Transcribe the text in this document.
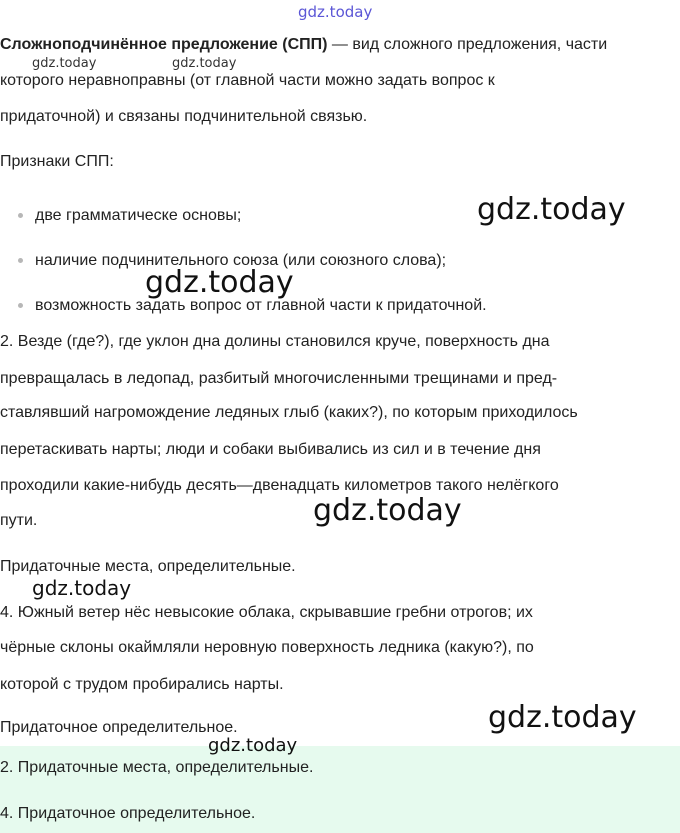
Сложноподчинённое предложение (СПП) — вид сложного предложения, части
которого неравноправны (от главной части можно задать вопрос к
придаточной) и связаны подчинительной связью.
Признаки СПП:
две грамматическе основы;
наличие подчинительного союза (или союзного слова);
возможность задать вопрос от главной части к придаточной.
2. Везде (где?), где уклон дна долины становился круче, поверхность дна
превращалась в ледопад, разбитый многочисленными трещинами и пред-
ставлявший нагромождение ледяных глыб (каких?), по которым приходилось
перетаскивать нарты; люди и собаки выбивались из сил и в течение дня
проходили какие-нибудь десять—двенадцать километров такого нелёгкого
пути.
Придаточные места, определительные.
4. Южный ветер нёс невысокие облака, скрывавшие гребни отрогов; их
чёрные склоны окаймляли неровную поверхность ледника (какую?), по
которой с трудом пробирались нарты.
Придаточное определительное.
2. Придаточные места, определительные.
4. Придаточное определительное.
gdz.today
gdz.today	gdz.today
gdz.today
gdz.today
gdz.today
gdz.today
gdz.today
gdz.today
